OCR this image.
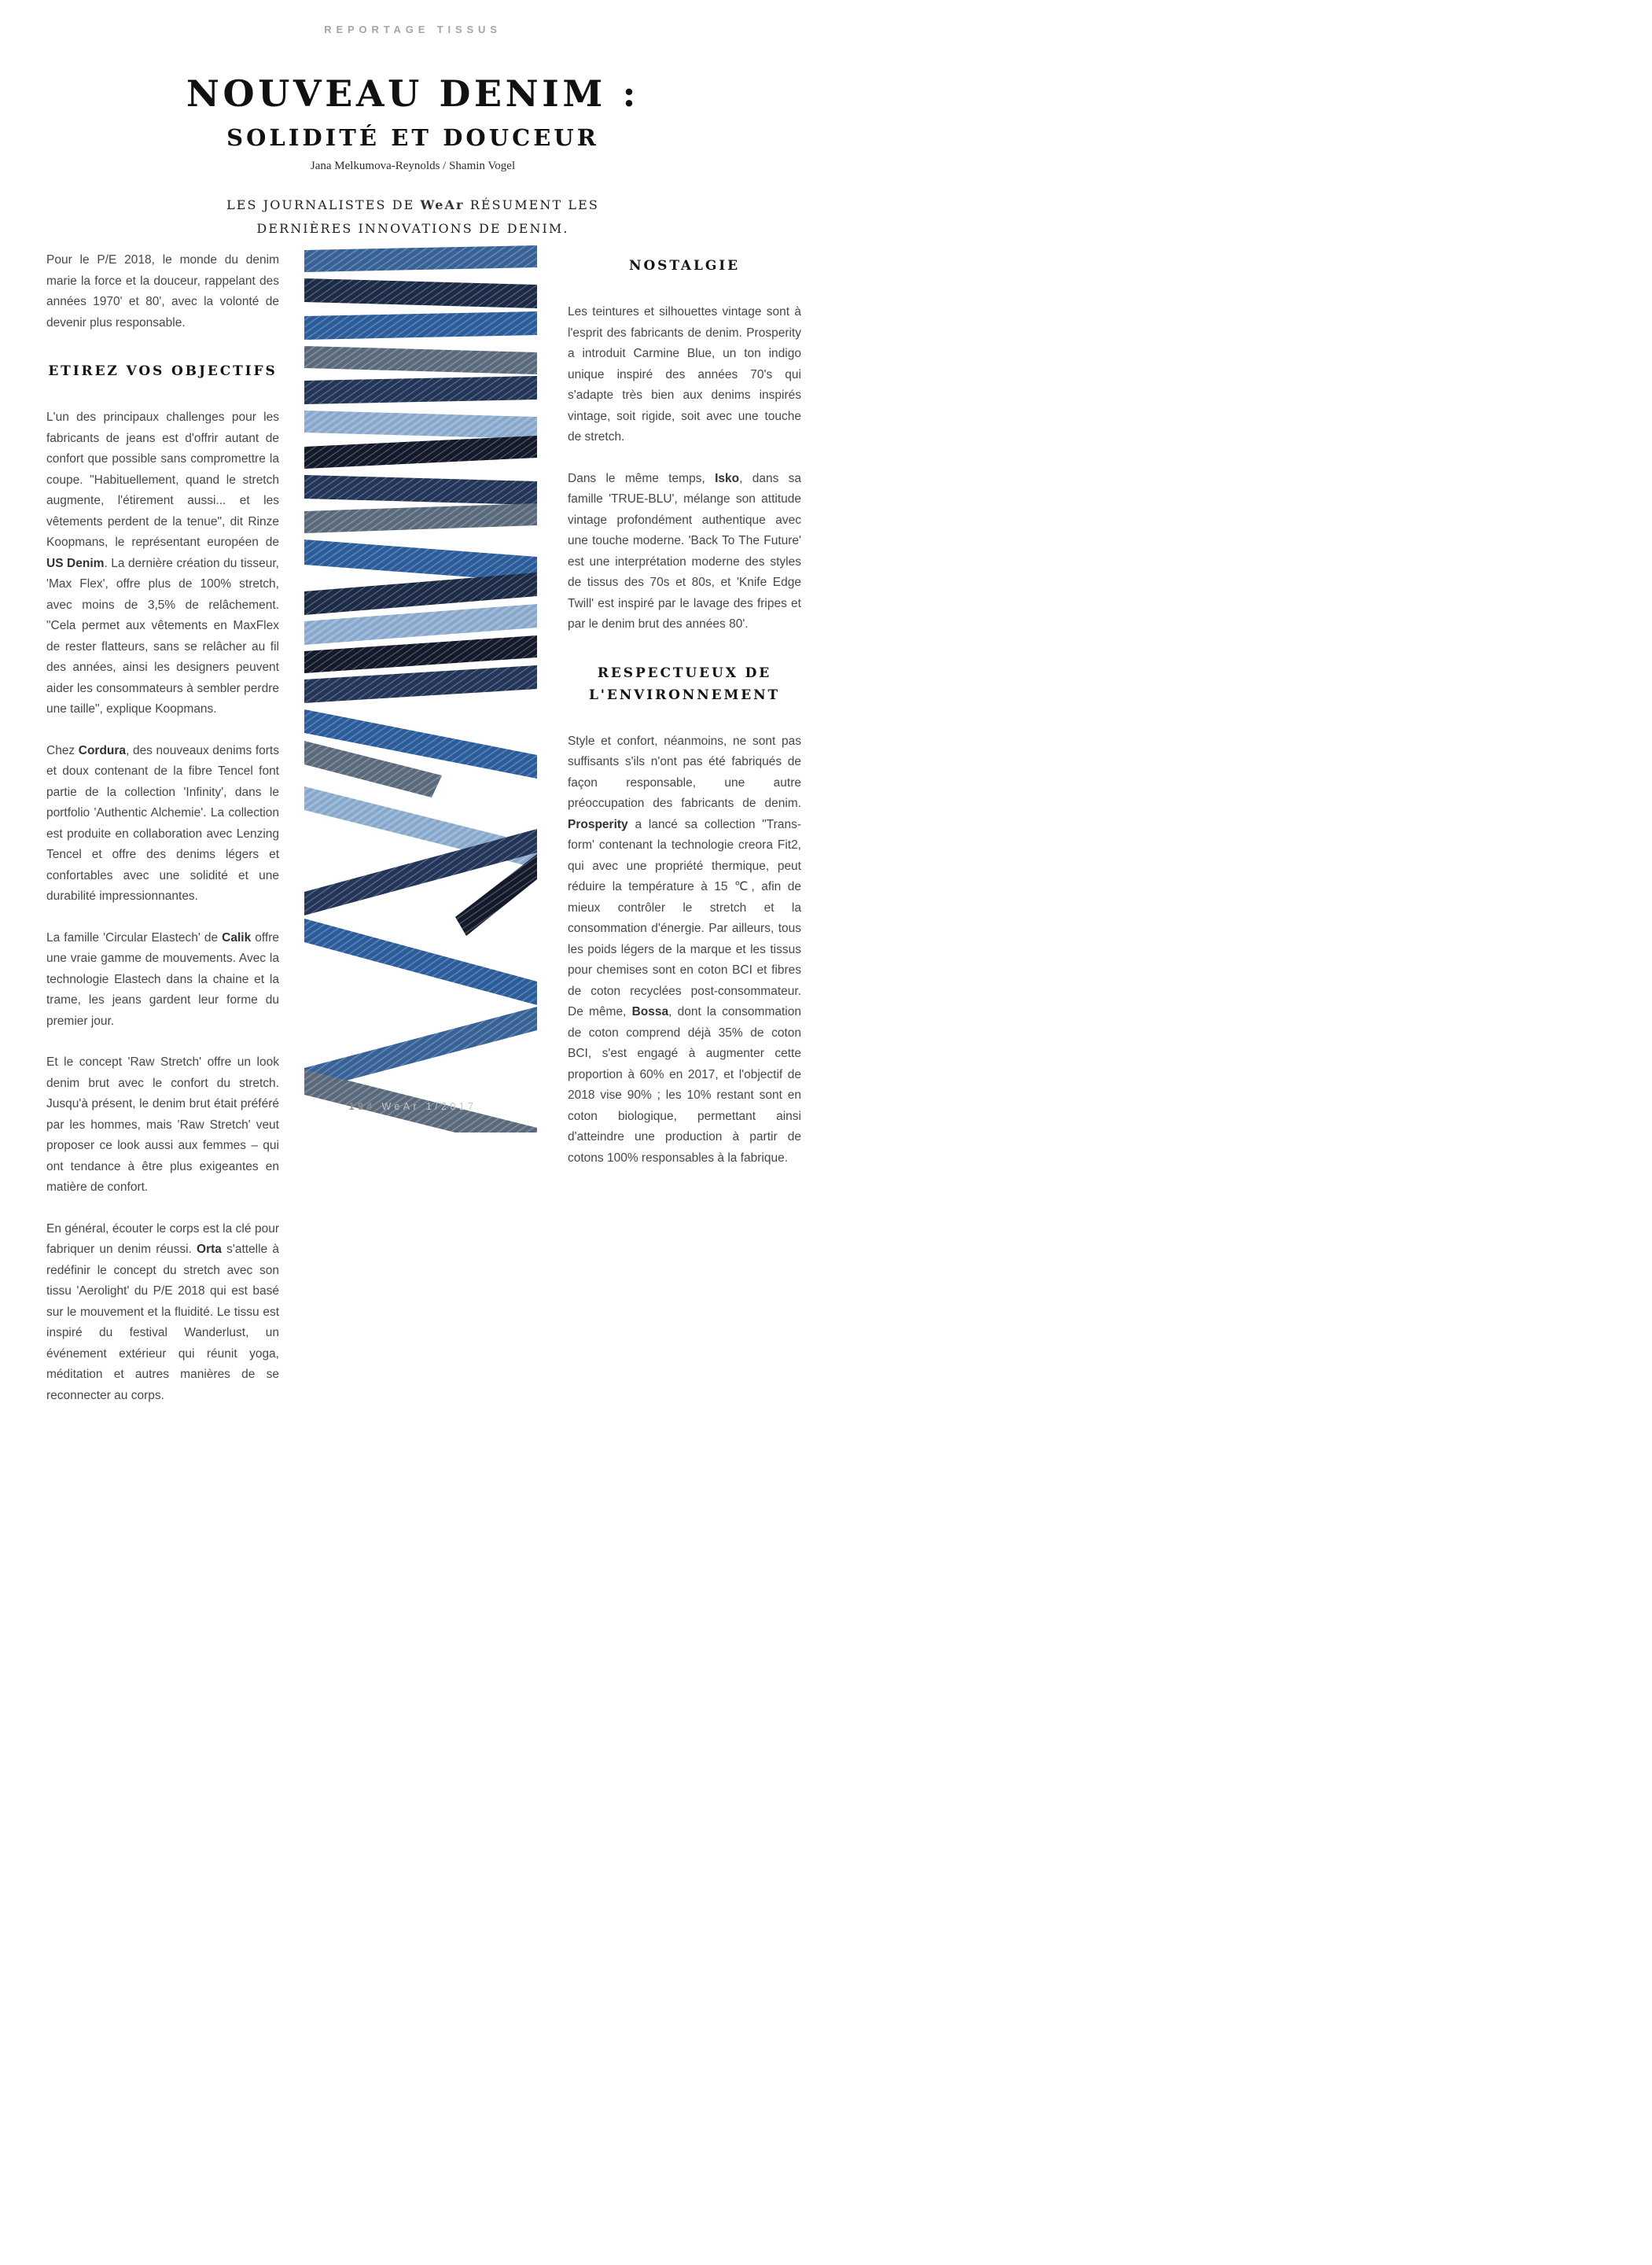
REPORTAGE TISSUS
NOUVEAU DENIM :
SOLIDITÉ ET DOUCEUR
Jana Melkumova-Reynolds / Shamin Vogel
LES JOURNALISTES DE WeAr RÉSUMENT LES
DERNIÈRES INNOVATIONS DE DENIM.

Pour le P/E 2018, le monde du denim marie la force et la douceur, rappelant des années 1970' et 80', avec la volonté de devenir plus responsable.

ETIREZ VOS OBJECTIFS

L'un des principaux challenges pour les fabricants de jeans est d'offrir autant de confort que possible sans compromettre la coupe. "Habituellement, quand le stretch augmente, l'étirement aussi... et les vêtements perdent de la tenue", dit Rinze Koopmans, le représentant européen de US Denim. La dernière création du tisseur, 'Max Flex', offre plus de 100% stretch, avec moins de 3,5% de relâchement. "Cela permet aux vêtements en MaxFlex de rester flatteurs, sans se relâcher au fil des années, ainsi les designers peuvent aider les consommateurs à sembler perdre une taille", explique Koopmans.

Chez Cordura, des nouveaux denims forts et doux contenant de la fibre Tencel font partie de la collection 'Infinity', dans le portfolio 'Authentic Alchemie'. La collection est produite en collaboration avec Lenzing Tencel et offre des denims légers et confortables avec une solidité et une durabilité impressionnantes.

La famille 'Circular Elastech' de Calik offre une vraie gamme de mouvements. Avec la technologie Elastech dans la chaine et la trame, les jeans gardent leur forme du premier jour.

Et le concept 'Raw Stretch' offre un look denim brut avec le confort du stretch. Jusqu'à présent, le denim brut était préféré par les hommes, mais 'Raw Stretch' veut proposer ce look aussi aux femmes – qui ont tendance à être plus exigeantes en matière de confort.

En général, écouter le corps est la clé pour fabriquer un denim réussi. Orta s'attelle à redéfinir le concept du stretch avec son tissu 'Aerolight' du P/E 2018 qui est basé sur le mouvement et la fluidité. Le tissu est inspiré du festival Wanderlust, un événement extérieur qui réunit yoga, méditation et autres manières de se reconnecter au corps.

NOSTALGIE

Les teintures et silhouettes vintage sont à l'esprit des fabricants de denim. Prosperity a introduit Carmine Blue, un ton indigo unique inspiré des années 70's qui s'adapte très bien aux denims inspirés vintage, soit rigide, soit avec une touche de stretch.

Dans le même temps, Isko, dans sa famille 'TRUE-BLU', mélange son attitude vintage profondément authentique avec une touche moderne. 'Back To The Future' est une interprétation moderne des styles de tissus des 70s et 80s, et 'Knife Edge Twill' est inspiré par le lavage des fripes et par le denim brut des années 80'.

RESPECTUEUX DE L'ENVIRONNEMENT

Style et confort, néanmoins, ne sont pas suffisants s'ils n'ont pas été fabriqués de façon responsable, une autre préoccupation des fabricants de denim. Prosperity a lancé sa collection "Trans-form' contenant la technologie creora Fit2, qui avec une propriété thermique, peut réduire la température à 15 ℃, afin de mieux contrôler le stretch et la consommation d'énergie. Par ailleurs, tous les poids légers de la marque et les tissus pour chemises sont en coton BCI et fibres de coton recyclées post-consommateur. De même, Bossa, dont la consommation de coton comprend déjà 35% de coton BCI, s'est engagé à augmenter cette proportion à 60% en 2017, et l'objectif de 2018 vise 90% ; les 10% restant sont en coton biologique, permettant ainsi d'atteindre une production à partir de cotons 100% responsables à la fabrique.

194 WeAr 1/2017
